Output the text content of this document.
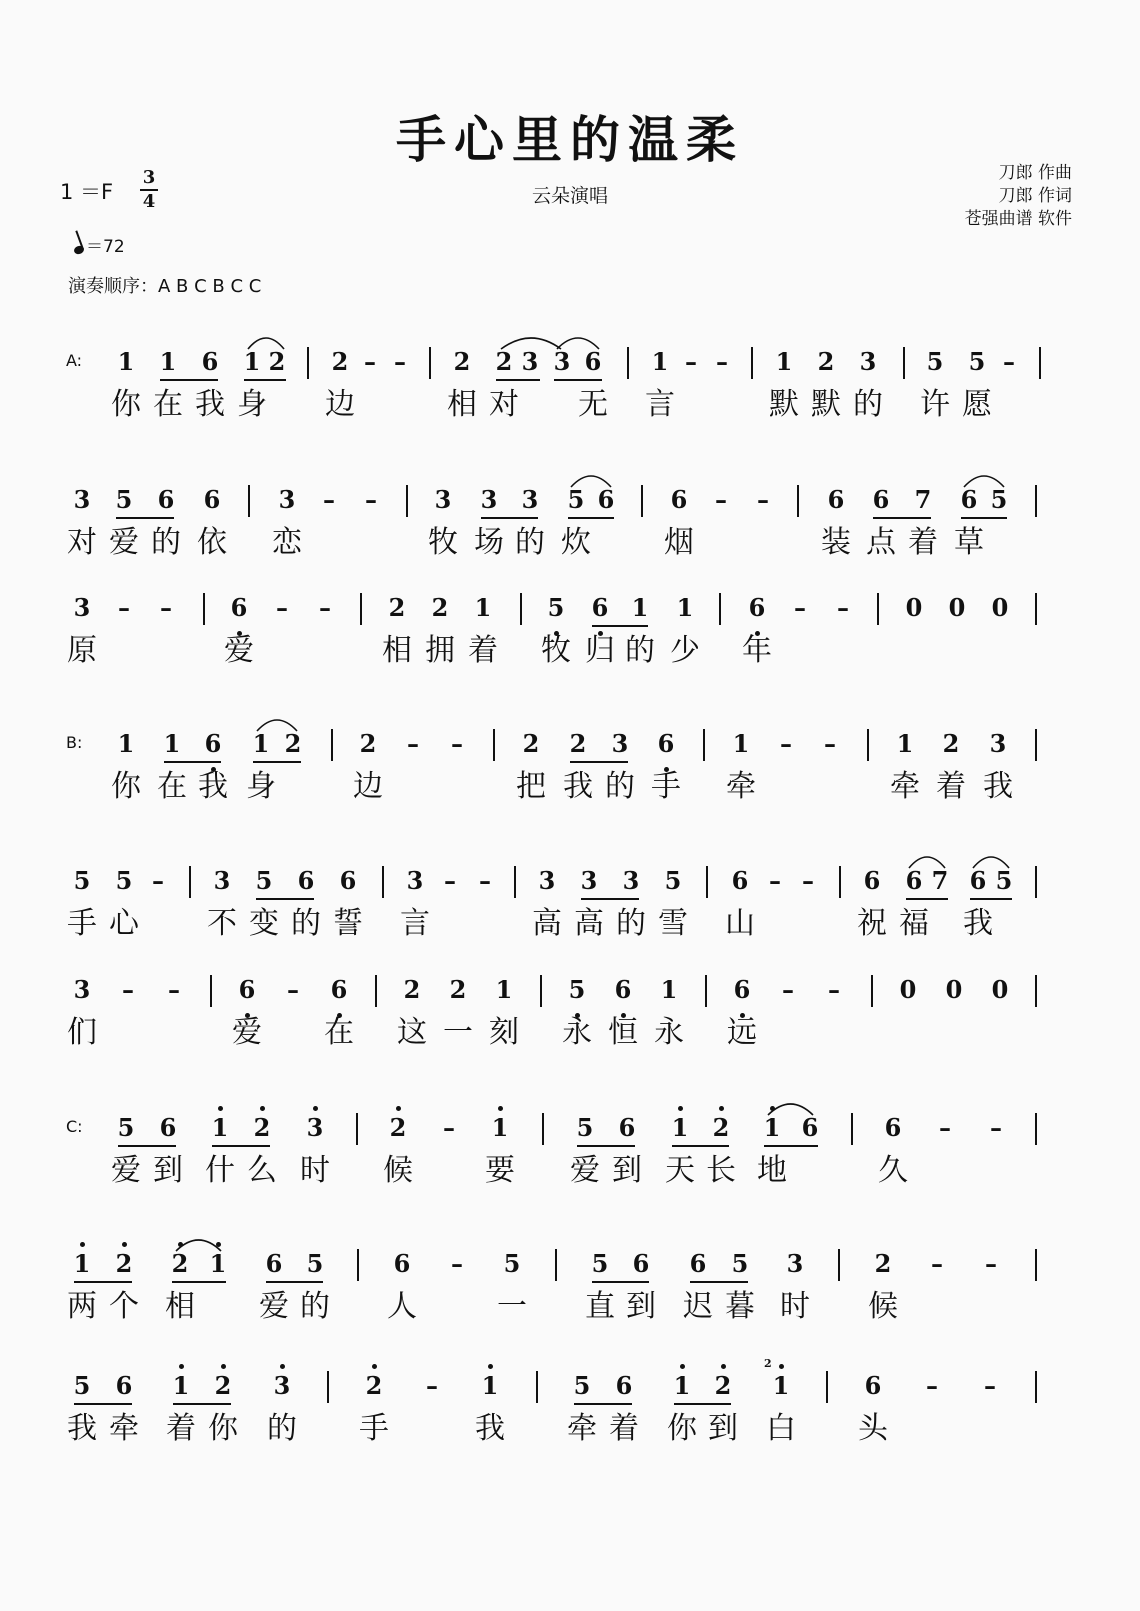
手心里的温柔
云朵演唱
刀郎 作曲
刀郎 作词
苍强曲谱 软件
1 ＝F
3
4
＝72
演奏顺序：A B C B C C
A: 1 1 6 1 2 2 – – 2 2 3 3 6 1 – – 1 2 3 5 5 –
你 在 我 身 边	相 对 无 言	默 默 的 许 愿
3 5 6 6 3 – – 3 3 3 5 6 6 – – 6 6 7 6 5
对 爱 的 依 恋	牧 场 的 炊 烟	装 点 着 草
3 – – 6 – – 2 2 1 5 6 1 1 6 – – 0 0 0
原	爱	相 拥 着 牧 归 的 少 年
B: 1 1 6 1 2 2 – – 2 2 3 6 1 – –	1 2 3
你 在 我 身	边	把 我 的 手 牵	牵 着 我
5 5 – 3 5 6 6 3 – – 3 3 3 5 6 – – 6 6 7 6 5
手 心 不 变 的 誓 言	高 高 的 雪 山	祝 福 我
3 – – 6 – 6 2 2 1 5 6 1 6 – – 0 0 0
们	爱 在 这 一 刻 永 恒 永 远
C: 5 6 1 2 3	2 – 1	5 6 1 2 1 6	6 – –
爱 到 什 么 时 候 要 爱 到 天 长 地	久
1 2 2 1 6 5	6 – 5	5 6 6 5 3	2 – –
两 个 相 爱 的 人	一 直 到 迟 暮 时 候
5 6 1 2 3	2 – 1	5 6 1 2 1	6 – –
我 牵 着 你 的 手	我 牵 着 你 到 白 头
2
